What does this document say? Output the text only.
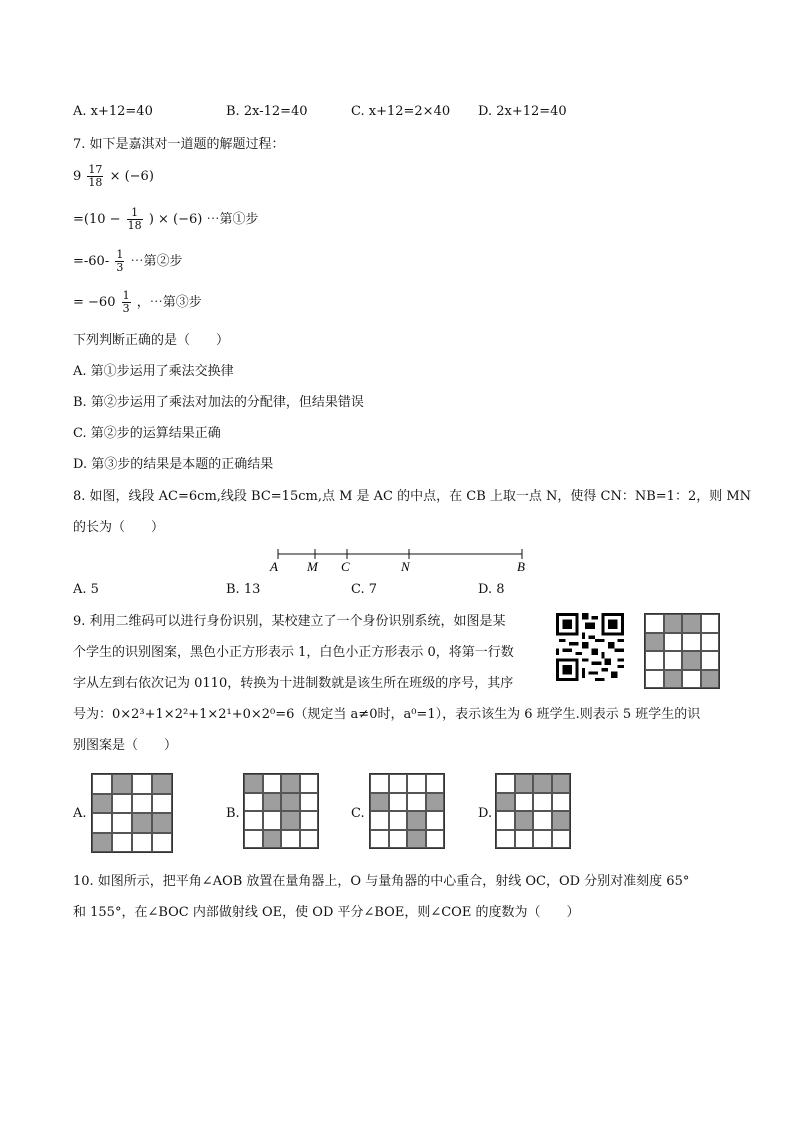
A. x+12=40	B. 2x-12=40	C. x+12=2×40 D. 2x+12=40
7. 如下是嘉淇对一道题的解题过程：
$9 \frac{17}{18} \times (-6)$
$=(10 - \frac{1}{18}$ ) × (−6) ⋯第①步
$=-60- \frac{1}{3}$ ⋯第②步
= $-60 \frac{1}{3}$ ，⋯第③步
下列判断正确的是（　　）
A. 第①步运用了乘法交换律
B. 第②步运用了乘法对加法的分配律，但结果错误
C. 第②步的运算结果正确
D. 第③步的结果是本题的正确结果
8. 如图，线段 AC=6cm,线段 BC=15cm,点 M 是 AC 的中点，在 CB 上取一点 N，使得 CN：NB=1：2，则 MN
的长为（　　）
A M C	N	B
A. 5	B. 13	C. 7	D. 8
9. 利用二维码可以进行身份识别，某校建立了一个身份识别系统，如图是某
个学生的识别图案，黑色小正方形表示 1，白色小正方形表示 0，将第一行数
字从左到右依次记为 0110，转换为十进制数就是该生所在班级的序号，其序
号为：0×2³+1×2²+1×2¹+0×2⁰=6（规定当 a≠0时，a⁰=1），表示该生为 6 班学生.则表示 5 班学生的识
别图案是（　　）
A.	B.	C.	D.
10. 如图所示，把平角∠AOB 放置在量角器上，O 与量角器的中心重合，射线 OC，OD 分别对准刻度 65°
和 155°，在∠BOC 内部做射线 OE，使 OD 平分∠BOE，则∠COE 的度数为（　　）
